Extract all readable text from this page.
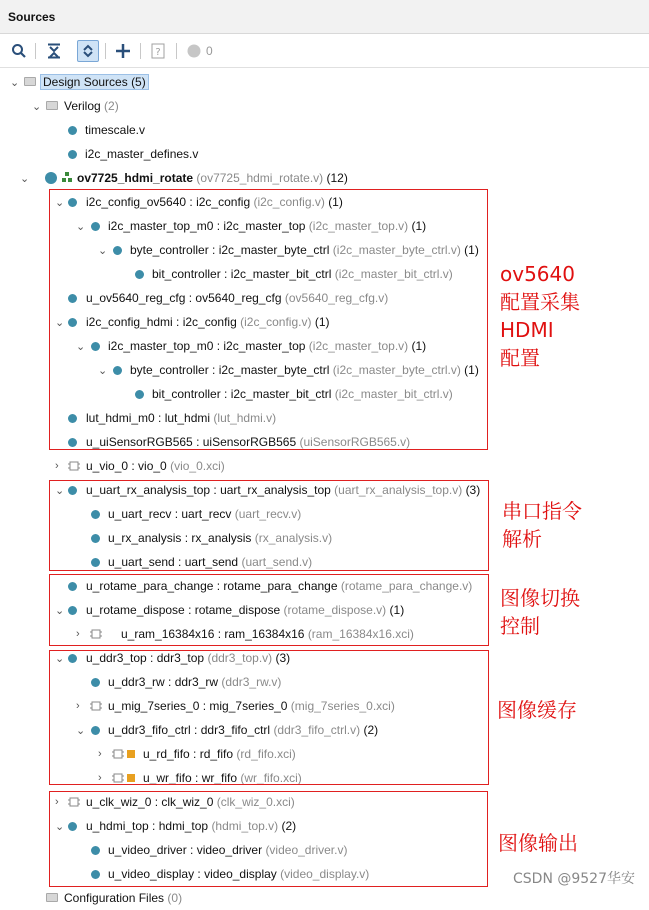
Sources
?	0
⌄ Design Sources (5)
⌄ Verilog (2)
timescale.v
i2c_master_defines.v
⌄	ov7725_hdmi_rotate (ov7725_hdmi_rotate.v) (12)
⌄ i2c_config_ov5640 : i2c_config (i2c_config.v) (1)
⌄ i2c_master_top_m0 : i2c_master_top (i2c_master_top.v) (1)
⌄ byte_controller : i2c_master_byte_ctrl (i2c_master_byte_ctrl.v) (1)
bit_controller : i2c_master_bit_ctrl (i2c_master_bit_ctrl.v)
u_ov5640_reg_cfg : ov5640_reg_cfg (ov5640_reg_cfg.v)
⌄ i2c_config_hdmi : i2c_config (i2c_config.v) (1)
⌄ i2c_master_top_m0 : i2c_master_top (i2c_master_top.v) (1)
⌄ byte_controller : i2c_master_byte_ctrl (i2c_master_byte_ctrl.v) (1)
bit_controller : i2c_master_bit_ctrl (i2c_master_bit_ctrl.v)
lut_hdmi_m0 : lut_hdmi (lut_hdmi.v)
u_uiSensorRGB565 : uiSensorRGB565 (uiSensorRGB565.v)
› u_vio_0 : vio_0 (vio_0.xci)
⌄ u_uart_rx_analysis_top : uart_rx_analysis_top (uart_rx_analysis_top.v) (3)
u_uart_recv : uart_recv (uart_recv.v)
u_rx_analysis : rx_analysis (rx_analysis.v)
u_uart_send : uart_send (uart_send.v)
u_rotame_para_change : rotame_para_change (rotame_para_change.v)
⌄ u_rotame_dispose : rotame_dispose (rotame_dispose.v) (1)
›	u_ram_16384x16 : ram_16384x16 (ram_16384x16.xci)
⌄ u_ddr3_top : ddr3_top (ddr3_top.v) (3)
u_ddr3_rw : ddr3_rw (ddr3_rw.v)
› u_mig_7series_0 : mig_7series_0 (mig_7series_0.xci)
⌄ u_ddr3_fifo_ctrl : ddr3_fifo_ctrl (ddr3_fifo_ctrl.v) (2)
›	u_rd_fifo : rd_fifo (rd_fifo.xci)
›	u_wr_fifo : wr_fifo (wr_fifo.xci)
› u_clk_wiz_0 : clk_wiz_0 (clk_wiz_0.xci)
⌄ u_hdmi_top : hdmi_top (hdmi_top.v) (2)
u_video_driver : video_driver (video_driver.v)
u_video_display : video_display (video_display.v)
Configuration Files (0)
ov5640
配置采集
HDMI
配置
串口指令
解析
图像切换
控制
图像缓存
图像输出
CSDN @9527华安
